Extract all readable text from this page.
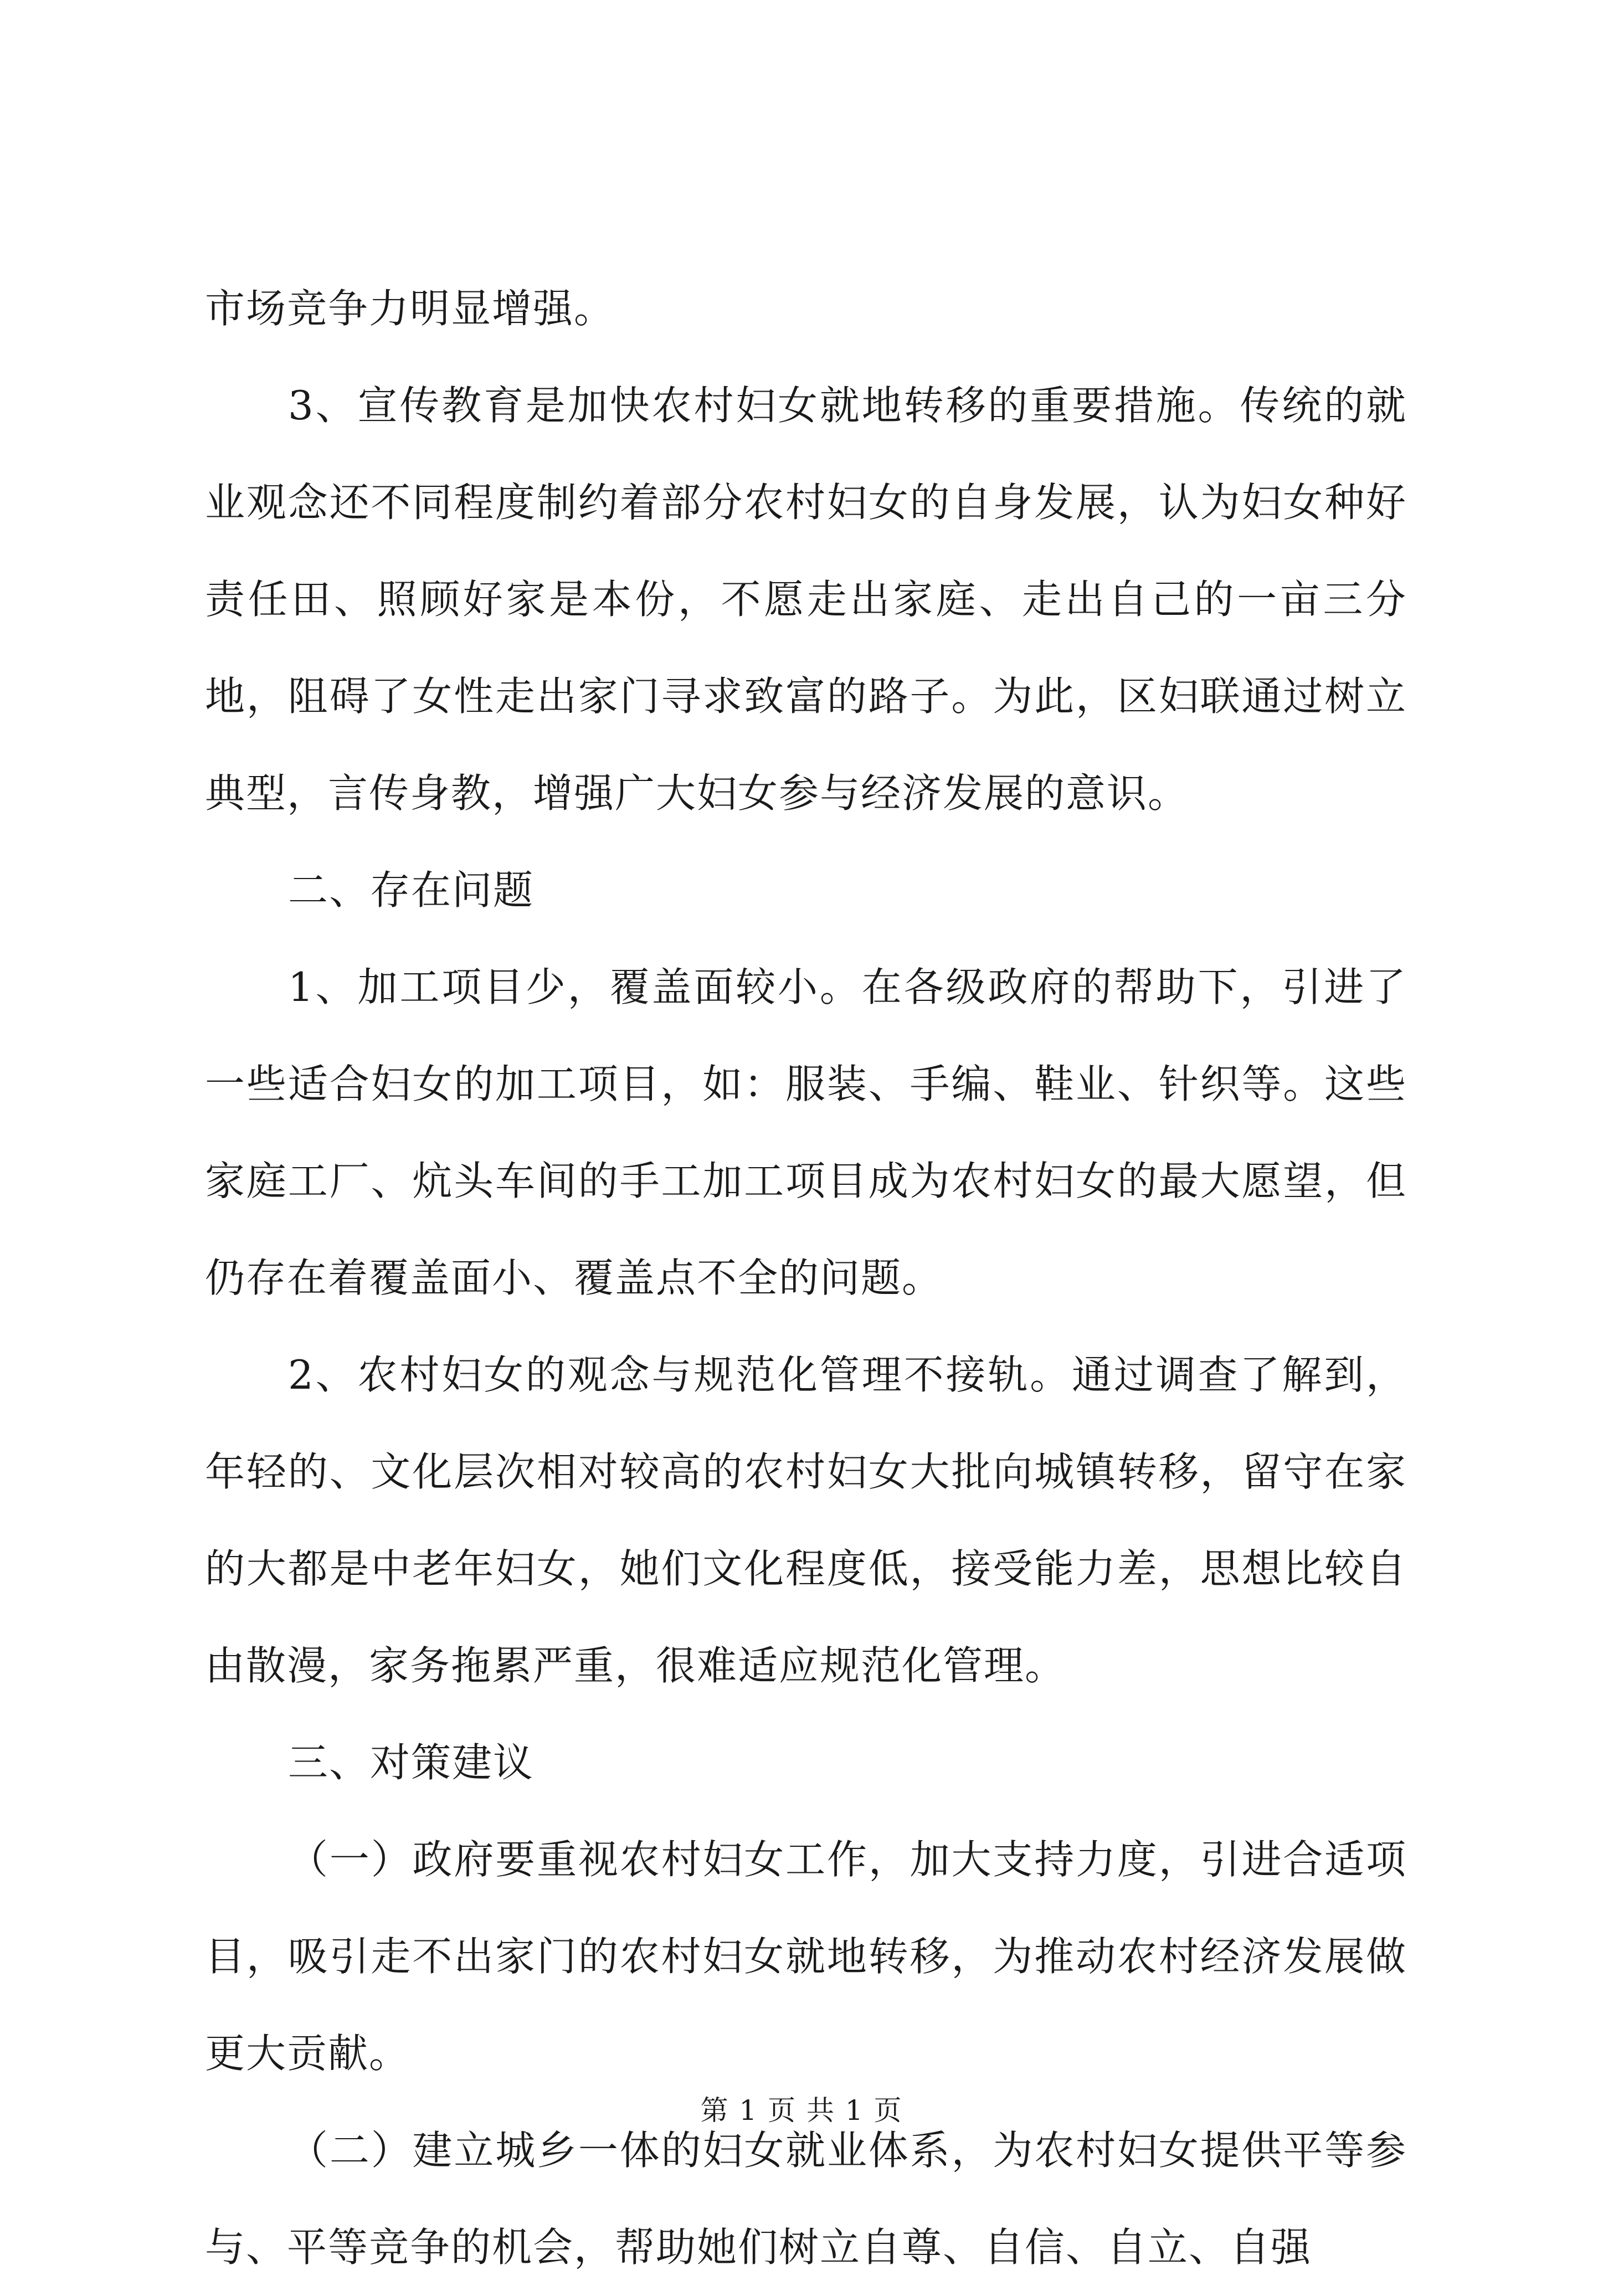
市场竞争力明显增强。

3、宣传教育是加快农村妇女就地转移的重要措施。传统的就业观念还不同程度制约着部分农村妇女的自身发展，认为妇女种好责任田、照顾好家是本份，不愿走出家庭、走出自己的一亩三分地，阻碍了女性走出家门寻求致富的路子。为此，区妇联通过树立典型，言传身教，增强广大妇女参与经济发展的意识。

二、存在问题

1、加工项目少，覆盖面较小。在各级政府的帮助下，引进了一些适合妇女的加工项目，如：服装、手编、鞋业、针织等。这些家庭工厂、炕头车间的手工加工项目成为农村妇女的最大愿望，但仍存在着覆盖面小、覆盖点不全的问题。

2、农村妇女的观念与规范化管理不接轨。通过调查了解到，年轻的、文化层次相对较高的农村妇女大批向城镇转移，留守在家的大都是中老年妇女，她们文化程度低，接受能力差，思想比较自由散漫，家务拖累严重，很难适应规范化管理。

三、对策建议

（一）政府要重视农村妇女工作，加大支持力度，引进合适项目，吸引走不出家门的农村妇女就地转移，为推动农村经济发展做更大贡献。

（二）建立城乡一体的妇女就业体系，为农村妇女提供平等参与、平等竞争的机会，帮助她们树立自尊、自信、自立、自强

第 1 页 共 1 页
